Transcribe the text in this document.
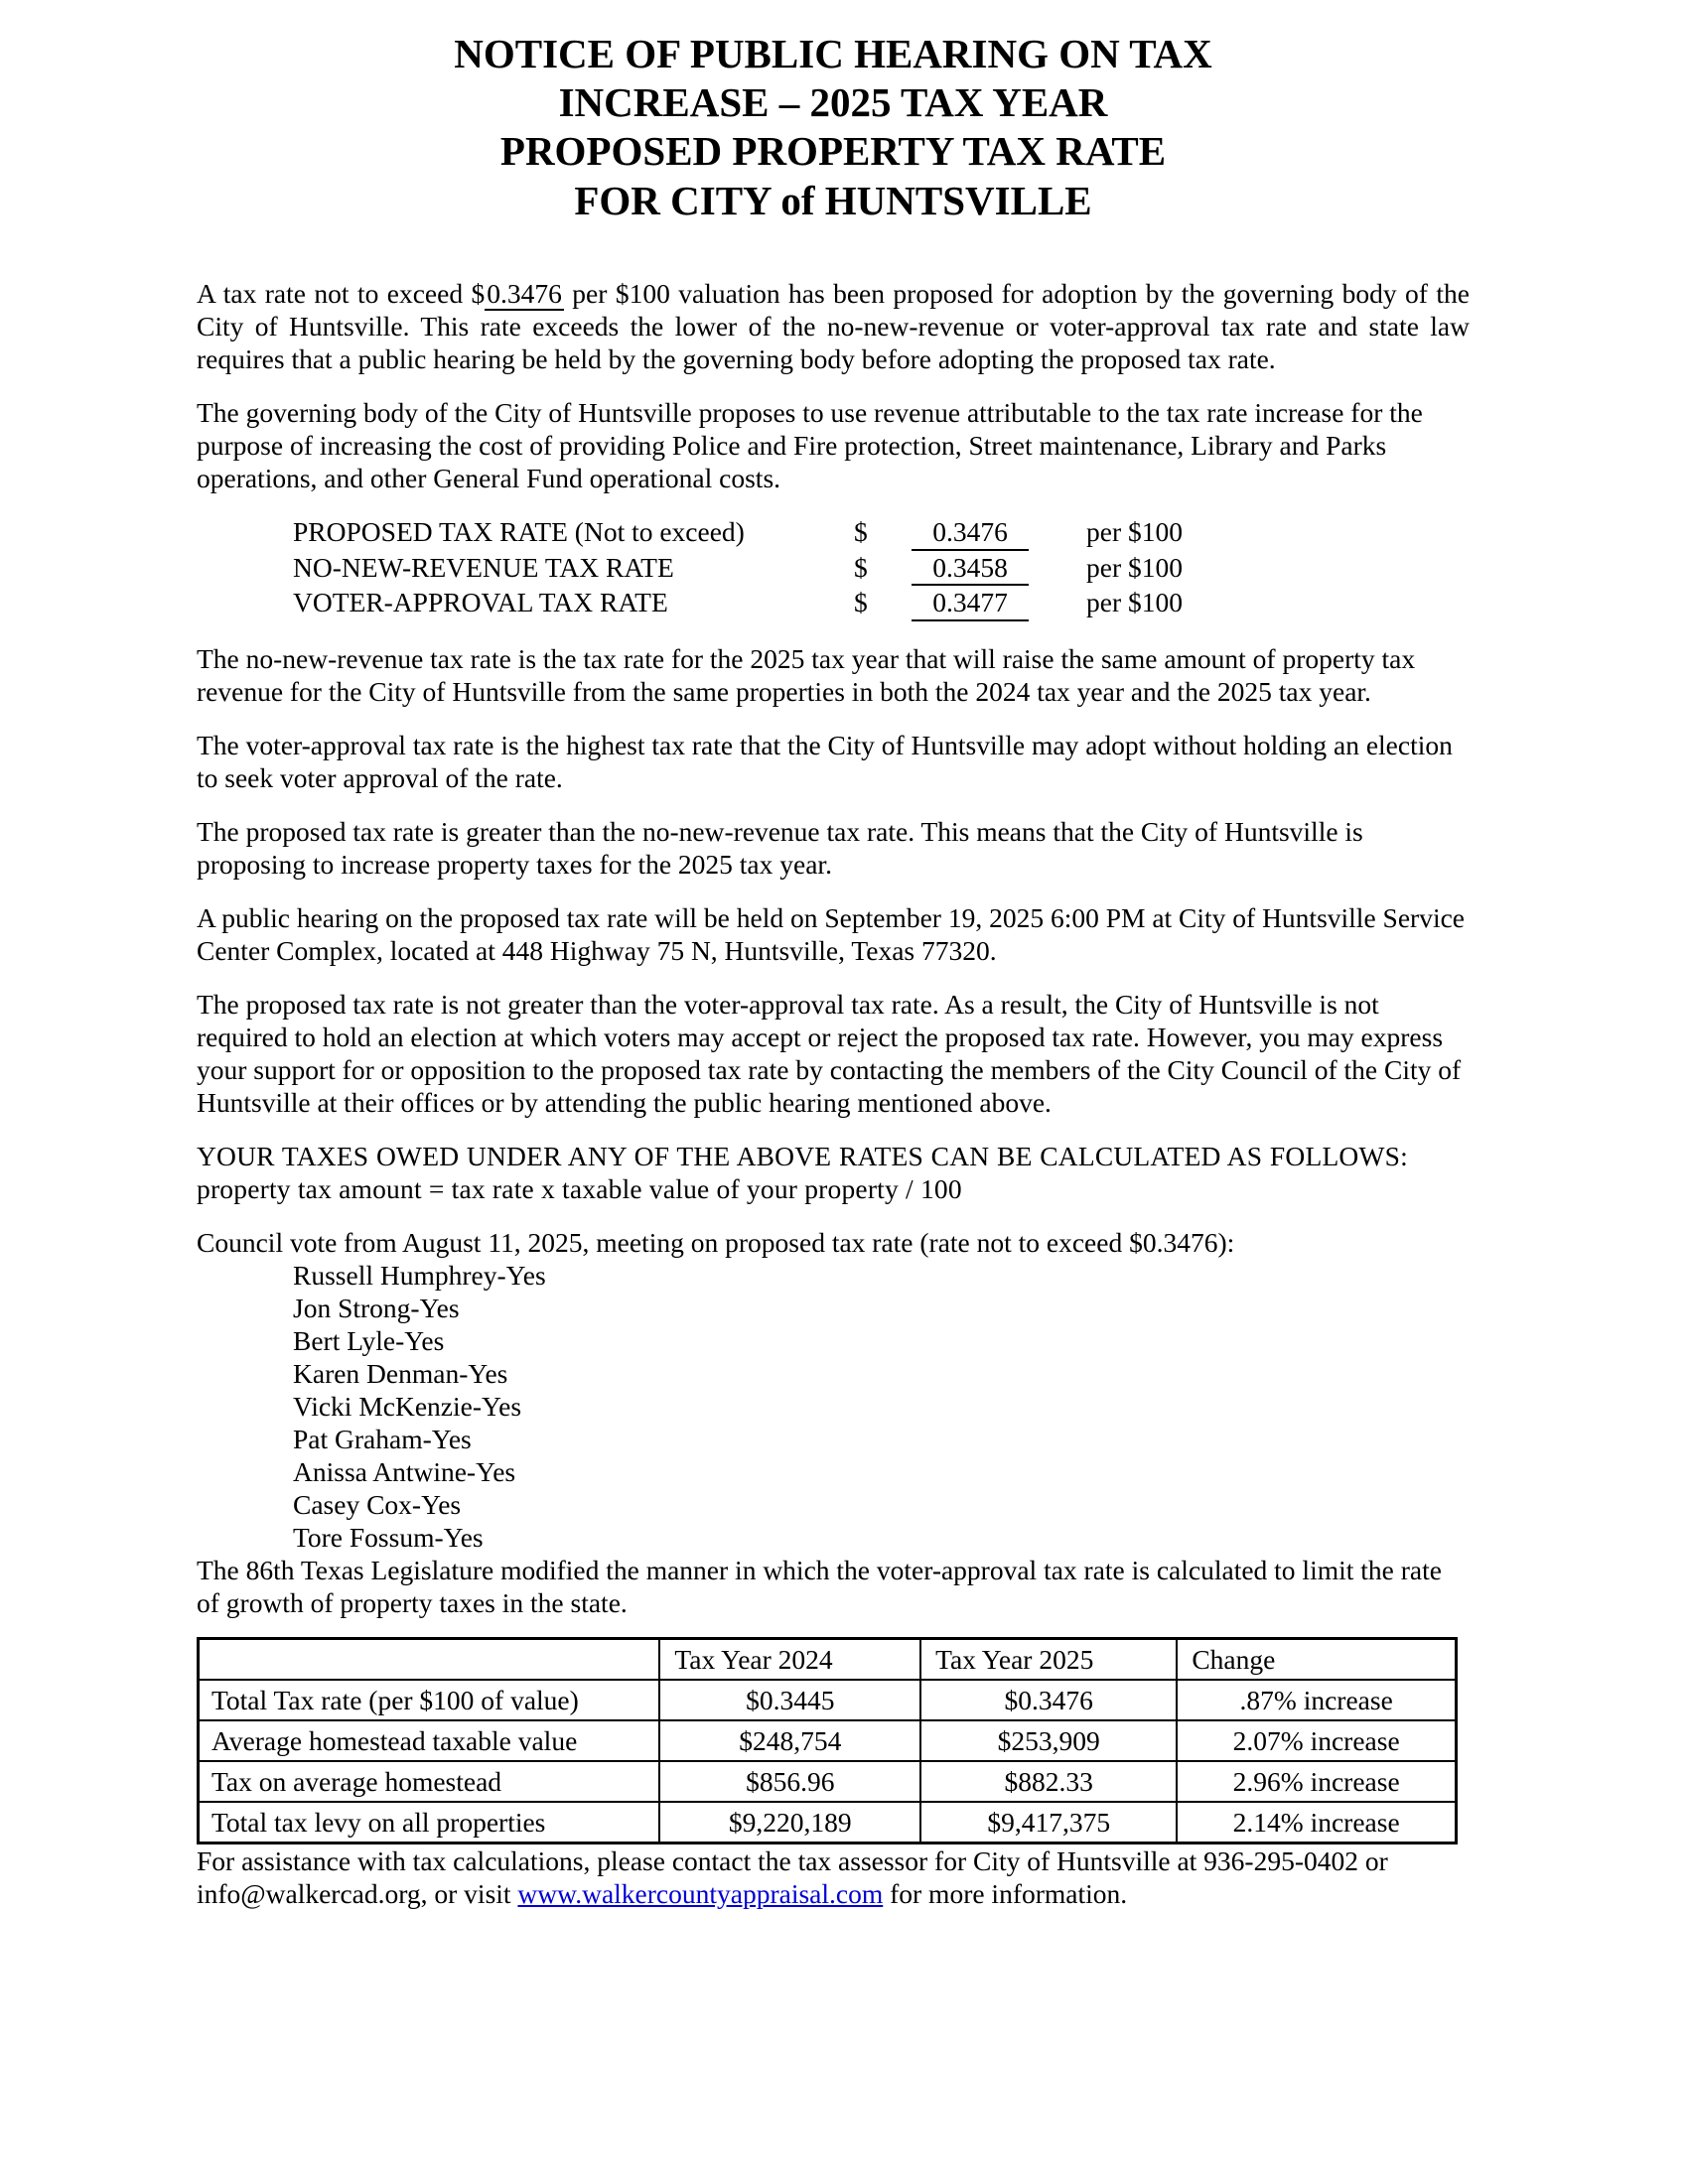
NOTICE OF PUBLIC HEARING ON TAX
INCREASE – 2025 TAX YEAR
PROPOSED PROPERTY TAX RATE
FOR CITY of HUNTSVILLE

A tax rate not to exceed $0.3476 per $100 valuation has been proposed for adoption by the governing body of the City of Huntsville. This rate exceeds the lower of the no-new-revenue or voter-approval tax rate and state law requires that a public hearing be held by the governing body before adopting the proposed tax rate.

The governing body of the City of Huntsville proposes to use revenue attributable to the tax rate increase for the purpose of increasing the cost of providing Police and Fire protection, Street maintenance, Library and Parks operations, and other General Fund operational costs.

PROPOSED TAX RATE (Not to exceed)	$	0.3476	per $100
NO-NEW-REVENUE TAX RATE	$	0.3458	per $100
VOTER-APPROVAL TAX RATE	$	0.3477	per $100

The no-new-revenue tax rate is the tax rate for the 2025 tax year that will raise the same amount of property tax revenue for the City of Huntsville from the same properties in both the 2024 tax year and the 2025 tax year.

The voter-approval tax rate is the highest tax rate that the City of Huntsville may adopt without holding an election to seek voter approval of the rate.

The proposed tax rate is greater than the no-new-revenue tax rate. This means that the City of Huntsville is proposing to increase property taxes for the 2025 tax year.

A public hearing on the proposed tax rate will be held on September 19, 2025 6:00 PM at City of Huntsville Service Center Complex, located at 448 Highway 75 N, Huntsville, Texas 77320.

The proposed tax rate is not greater than the voter-approval tax rate. As a result, the City of Huntsville is not required to hold an election at which voters may accept or reject the proposed tax rate. However, you may express your support for or opposition to the proposed tax rate by contacting the members of the City Council of the City of Huntsville at their offices or by attending the public hearing mentioned above.

YOUR TAXES OWED UNDER ANY OF THE ABOVE RATES CAN BE CALCULATED AS FOLLOWS:property tax amount = tax rate x taxable value of your property / 100

Council vote from August 11, 2025, meeting on proposed tax rate (rate not to exceed $0.3476):

Russell Humphrey-Yes
Jon Strong-Yes
Bert Lyle-Yes
Karen Denman-Yes
Vicki McKenzie-Yes
Pat Graham-Yes
Anissa Antwine-Yes
Casey Cox-Yes
Tore Fossum-Yes

The 86th Texas Legislature modified the manner in which the voter-approval tax rate is calculated to limit the rate of growth of property taxes in the state.

	Tax Year 2024	Tax Year 2025	Change
Total Tax rate (per $100 of value)	$0.3445	$0.3476	.87% increase
Average homestead taxable value	$248,754	$253,909	2.07% increase
Tax on average homestead	$856.96	$882.33	2.96% increase
Total tax levy on all properties	$9,220,189	$9,417,375	2.14% increase

For assistance with tax calculations, please contact the tax assessor for City of Huntsville at 936-295-0402 or info@walkercad.org, or visit www.walkercountyappraisal.com for more information.
